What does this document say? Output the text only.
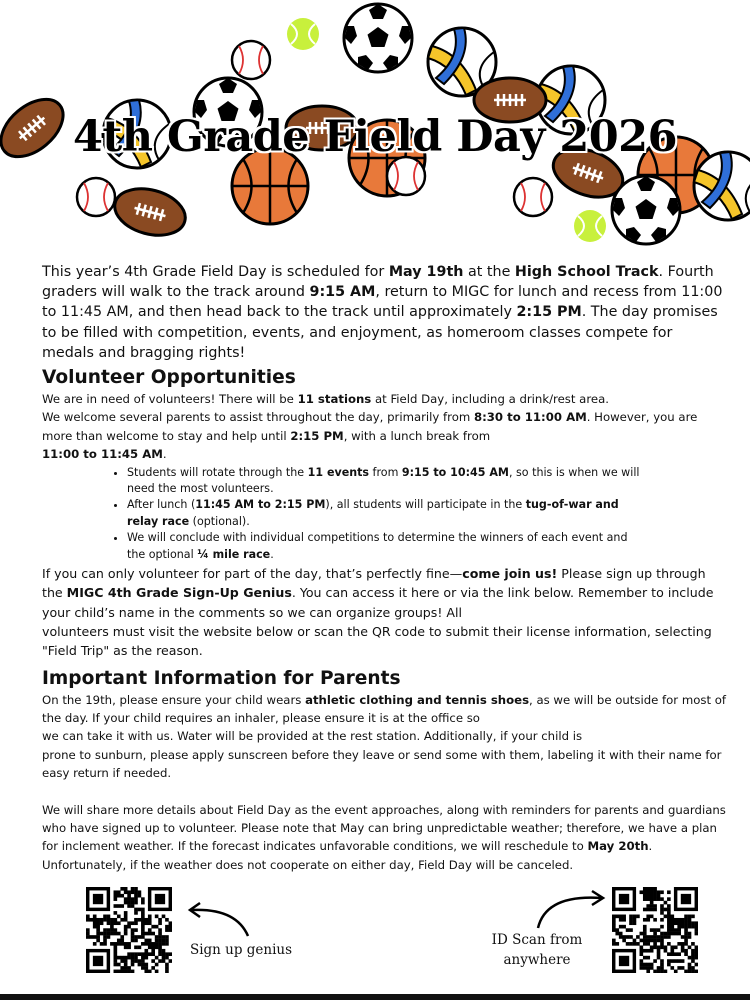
4th Grade Field Day 2026

This year’s 4th Grade Field Day is scheduled for May 19th at the High School Track. Fourth graders will walk to the track around 9:15 AM, return to MIGC for lunch and recess from 11:00 to 11:45 AM, and then head back to the track until approximately 2:15 PM. The day promises to be filled with competition, events, and enjoyment, as homeroom classes compete for medals and bragging rights!

Volunteer Opportunities

We are in need of volunteers! There will be 11 stations at Field Day, including a drink/rest area.
We welcome several parents to assist throughout the day, primarily from 8:30 to 11:00 AM. However, you are more than welcome to stay and help until 2:15 PM, with a lunch break from
11:00 to 11:45 AM.

• Students will rotate through the 11 events from 9:15 to 10:45 AM, so this is when we will need the most volunteers.
• After lunch (11:45 AM to 2:15 PM), all students will participate in the tug-of-war and relay race (optional).
• We will conclude with individual competitions to determine the winners of each event and the optional ¼ mile race.

If you can only volunteer for part of the day, that’s perfectly fine—come join us! Please sign up through the MIGC 4th Grade Sign-Up Genius. You can access it here or via the link below. Remember to include your child’s name in the comments so we can organize groups! All
volunteers must visit the website below or scan the QR code to submit their license information, selecting "Field Trip" as the reason.

Important Information for Parents

On the 19th, please ensure your child wears athletic clothing and tennis shoes, as we will be outside for most of the day. If your child requires an inhaler, please ensure it is at the office so
we can take it with us. Water will be provided at the rest station. Additionally, if your child is
prone to sunburn, please apply sunscreen before they leave or send some with them, labeling it with their name for easy return if needed.

We will share more details about Field Day as the event approaches, along with reminders for parents and guardians who have signed up to volunteer. Please note that May can bring unpredictable weather; therefore, we have a plan for inclement weather. If the forecast indicates unfavorable conditions, we will reschedule to May 20th. Unfortunately, if the weather does not cooperate on either day, Field Day will be canceled.

Sign up genius
ID Scan from anywhere
